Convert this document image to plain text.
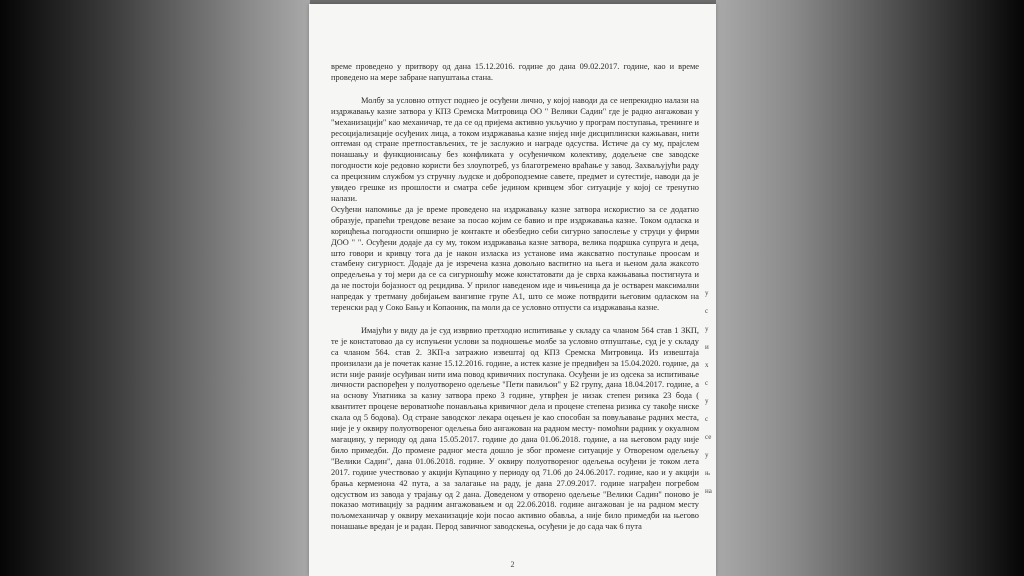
време проведено у притвору од дана 15.12.2016. године до дана 09.02.2017. године, као и време проведено на мере забране напуштања стана.

Молбу за условно отпуст поднео је осуђени лично, у којој наводи да се непрекидно налази на издржавању казне затвора у КПЗ Сремска Митровица ОО " Велики Садин" где је радно ангажован у "механизацији" као механичар, те да се од пријема активно укључио у програм поступања, тренинге и ресоцијализације осуђених лица, а током издржавања казне нијед није дисциплински кажњаван, нити оптеман од стране претпостављених, те је заслужио и награде одсуства. Истиче да су му, прајслем понашању и функционисању без конфликата у осуђеничком колективу, додељене све заводске погодности које редовно користи без злоупотреб, уз благотремено враћање у завод. Захваљујући раду са прецизним службом уз стручну људске и доброподземне савете, предмет и сутестије, наводи да је увидео грешке из прошлости и сматра себе једином кривцем због ситуације у којој се тренутно налази.

Осуђени напомиње да је време проведено на издржавању казне затвора искористио за се додатно образује, прапећи трендове везане за посао којим се бавио и пре издржавања казне. Током одласка и корицћења погодности опширно је контакте и обезбедио себи сигурно запослење у струци у фирми ДОО " ". Осуђени додаје да су му, током издржавања казне затвора, велика подршка супруга и деца, што говори и кривцу тога да је након изласка из установе има жаксватно поступање проосам и стамбену сигурност. Додаје да је изречена казна довољно васпитно на њега и њеном дала жаксото опредељења у тој мери да се са сигурношћу може констатовати да је сврха кажњавања постигнута и да не постоји бојазност од рецидива. У прилог наведеном иде и чињеница да је остварен максимални напредак у третману добијањем вангипне групе А1, што се може потврдити његовим одласком на теренски рад у Соко Бању и Копаоник, па моли да се условно отпусти са издржавања казне.

Имајући у виду да је суд изврвио претходно испитивање у складу са чланом 564 став 1 ЗКП, те је констатовао да су испуњени услови за подношење молбе за условно отпуштање, суд је у складу са чланом 564. став 2. ЗКП-а затражио извештај од КПЗ Сремска Митровица. Из извештаја произилази да је почетак казне 15.12.2016. године, а истек казне је предвиђен за 15.04.2020. године, да исти није раније осуђиван нити има повод кривичних поступака. Осуђени је из одсека за испитивање личности распоређен у полуотворено одељење "Пети павиљон" у Б2 групу, дана 18.04.2017. године, а на основу Упатника за казну затвора преко 3 године, утврђен је низак степен ризика 23 бода ( квантитет процене вероватноће понављања кривичног дела и процене степена ризика су такође ниске скала од 5 бодова). Од стране заводског лекара оцењен је као способан за повуљавање радних места, није је у оквиру полуотвореног одељења био ангажован на радном месту- помоћни радник у окуалном магацину, у периоду од дана 15.05.2017. године до дана 01.06.2018. године, а на његовом раду није било примедби. До промене радног места дошло је због промене ситуације у Отвореном одељењу "Велики Садин", дана 01.06.2018. године. У оквиру полуотвореног одељења осуђени је током лета 2017. године учествовао у акцији Купацино у периоду од 71.06 до 24.06.2017. године, као и у акцији брања кермеиона 42 пута, а за залагање на раду, је дана 27.09.2017. године награђен погребом одсуством из завода у трајању од 2 дана. Доведеном у отворено одељење "Велики Садин" поново је показао мотивацију за радним ангажовањем и од 22.06.2018. године ангажован је на радном месту пољомеханичар у оквиру механизације који посао активно обавља, а није било примедби на његово понашање вредан је и радан. Перод завичног заводскења, осуђени је до сада чак 6 пута

у
с
у
и
х
с
у
с
се
у
њ
на
2
